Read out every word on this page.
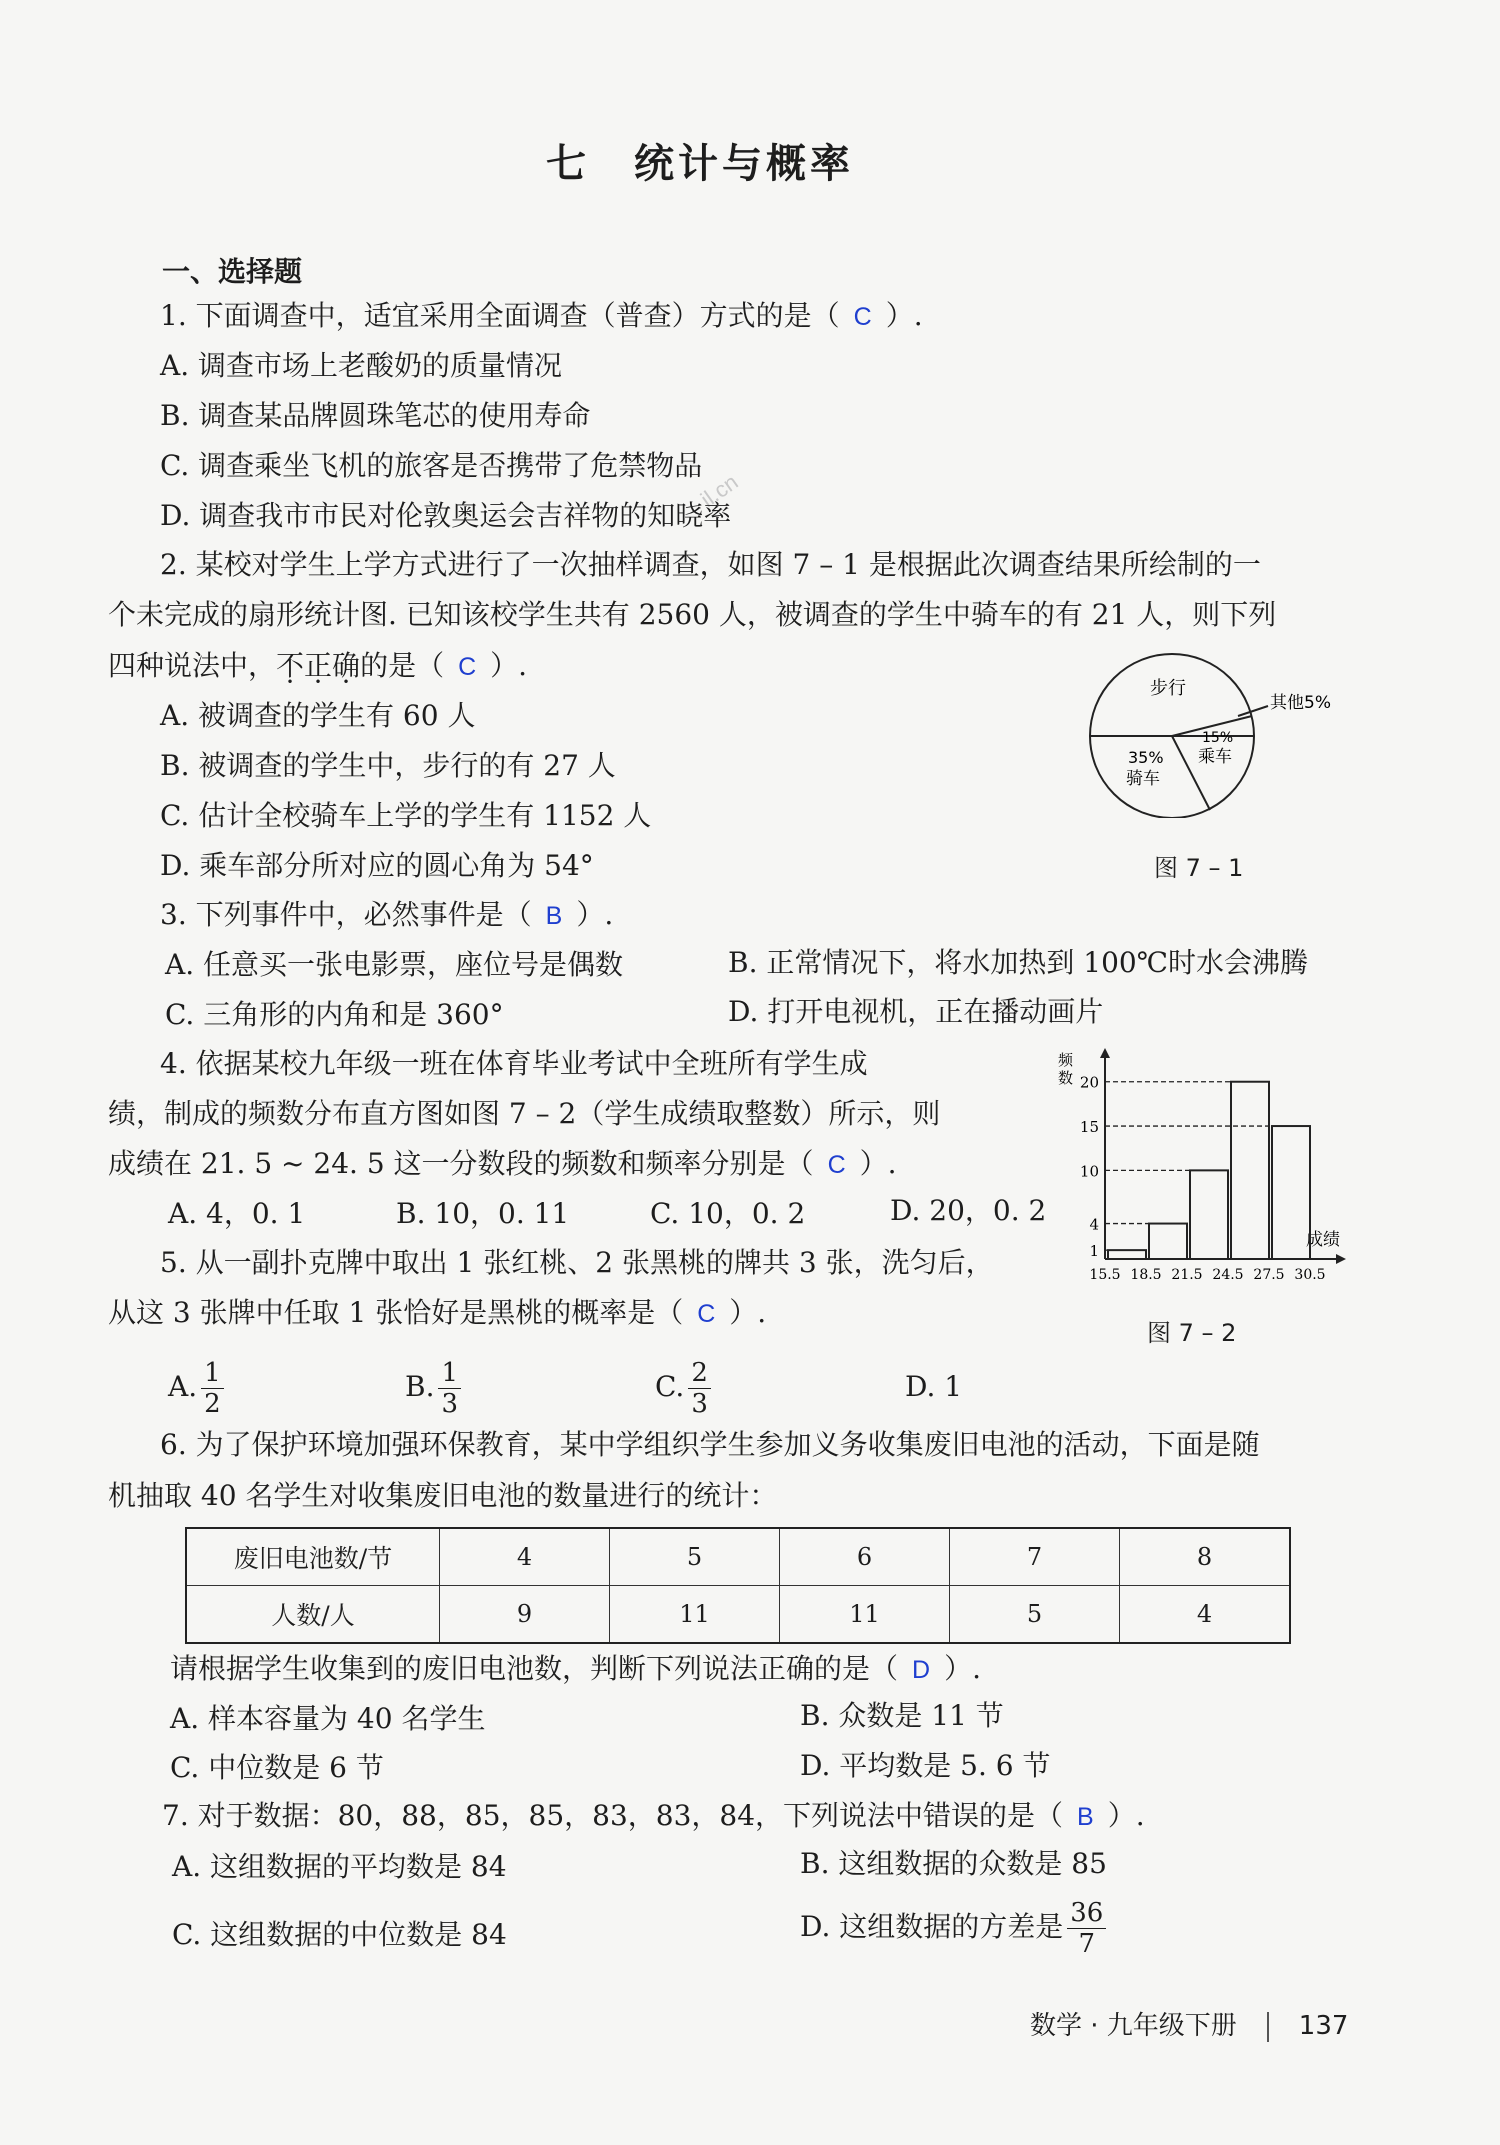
七　统计与概率
一、选择题
il.cn
1. 下面调查中，适宜采用全面调查（普查）方式的是（ C ）.
A. 调查市场上老酸奶的质量情况
B. 调查某品牌圆珠笔芯的使用寿命
C. 调查乘坐飞机的旅客是否携带了危禁物品
D. 调查我市市民对伦敦奥运会吉祥物的知晓率
2. 某校对学生上学方式进行了一次抽样调查，如图 7 – 1 是根据此次调查结果所绘制的一
个未完成的扇形统计图. 已知该校学生共有 2560 人，被调查的学生中骑车的有 21 人，则下列
四种说法中，不正确的是（ C ）.
A. 被调查的学生有 60 人
B. 被调查的学生中，步行的有 27 人
C. 估计全校骑车上学的学生有 1152 人
D. 乘车部分所对应的圆心角为 54°
步行
其他5%
15%
乘车
35%
骑车
图 7 – 1
3. 下列事件中，必然事件是（ B ）.
A. 任意买一张电影票，座位号是偶数	B. 正常情况下，将水加热到 100℃时水会沸腾
C. 三角形的内角和是 360°	D. 打开电视机，正在播动画片
4. 依据某校九年级一班在体育毕业考试中全班所有学生成
绩，制成的频数分布直方图如图 7 – 2（学生成绩取整数）所示，则
成绩在 21. 5 ~ 24. 5 这一分数段的频数和频率分别是（ C ）.
A. 4，0. 1	B. 10，0. 11	C. 10，0. 2	D. 20，0. 2
频
数
成绩
1
4
10
15
20
15.5 18.5 21.5 24.5 27.5 30.5
图 7 – 2
5. 从一副扑克牌中取出 1 张红桃、2 张黑桃的牌共 3 张，洗匀后，
从这 3 张牌中任取 1 张恰好是黑桃的概率是（ C ）.
A. $\frac{1}{2}$	B. $\frac{1}{3}$	C. $\frac{2}{3}$	D. 1
6. 为了保护环境加强环保教育，某中学组织学生参加义务收集废旧电池的活动，下面是随
机抽取 40 名学生对收集废旧电池的数量进行的统计：
废旧电池数/节	4	5	6	7	8
人数/人	9	11	11	5	4
请根据学生收集到的废旧电池数，判断下列说法正确的是（ D ）.
A. 样本容量为 40 名学生	B. 众数是 11 节
C. 中位数是 6 节	D. 平均数是 5. 6 节
7. 对于数据：80，88，85，85，83，83，84，下列说法中错误的是（ B ）.
A. 这组数据的平均数是 84	B. 这组数据的众数是 85
C. 这组数据的中位数是 84	D. 这组数据的方差是 $\frac{36}{7}$
数学 · 九年级下册 137
